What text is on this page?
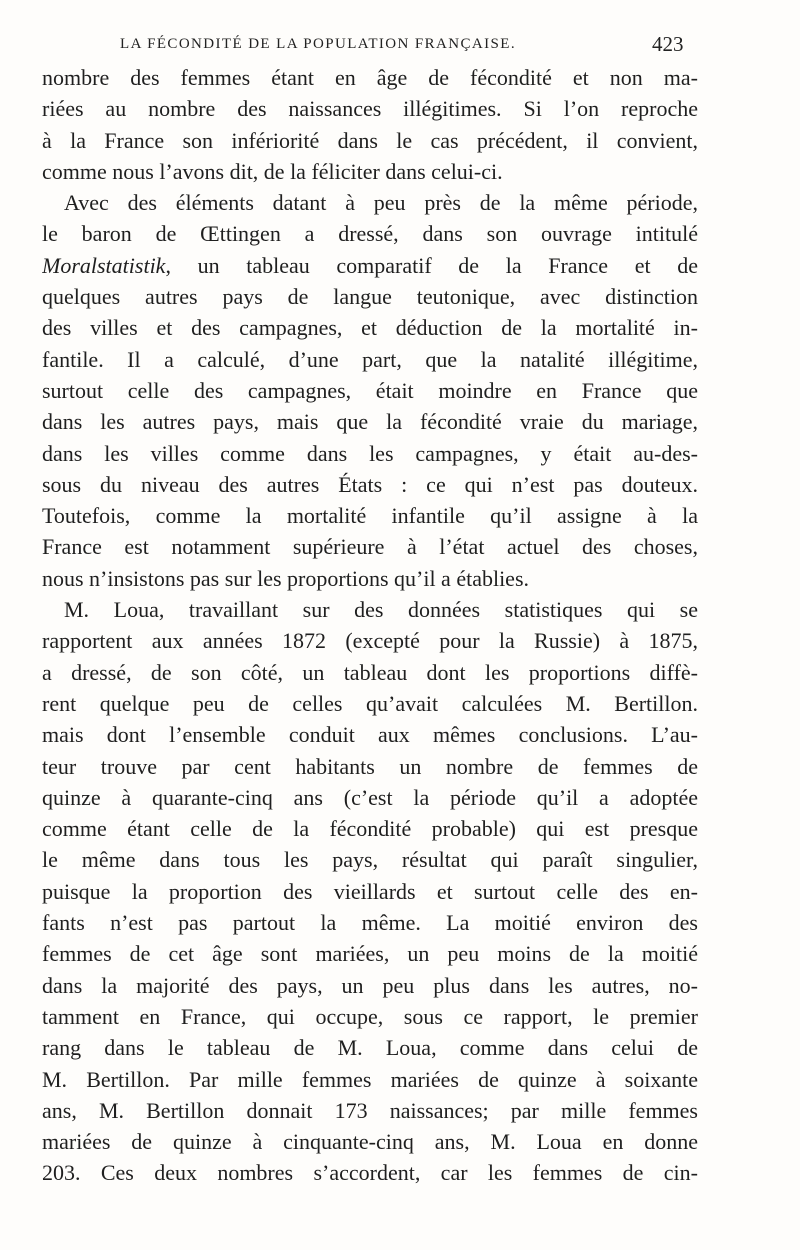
LA FÉCONDITÉ DE LA POPULATION FRANÇAISE.	423
nombre des femmes étant en âge de fécondité et non ma-
riées au nombre des naissances illégitimes. Si l’on reproche
à la France son infériorité dans le cas précédent, il convient,
comme nous l’avons dit, de la féliciter dans celui-ci.
Avec des éléments datant à peu près de la même période,
le baron de Œttingen a dressé, dans son ouvrage intitulé
Moralstatistik, un tableau comparatif de la France et de
quelques autres pays de langue teutonique, avec distinction
des villes et des campagnes, et déduction de la mortalité in-
fantile. Il a calculé, d’une part, que la natalité illégitime,
surtout celle des campagnes, était moindre en France que
dans les autres pays, mais que la fécondité vraie du mariage,
dans les villes comme dans les campagnes, y était au-des-
sous du niveau des autres États : ce qui n’est pas douteux.
Toutefois, comme la mortalité infantile qu’il assigne à la
France est notamment supérieure à l’état actuel des choses,
nous n’insistons pas sur les proportions qu’il a établies.
M. Loua, travaillant sur des données statistiques qui se
rapportent aux années 1872 (excepté pour la Russie) à 1875,
a dressé, de son côté, un tableau dont les proportions diffè-
rent quelque peu de celles qu’avait calculées M. Bertillon.
mais dont l’ensemble conduit aux mêmes conclusions. L’au-
teur trouve par cent habitants un nombre de femmes de
quinze à quarante-cinq ans (c’est la période qu’il a adoptée
comme étant celle de la fécondité probable) qui est presque
le même dans tous les pays, résultat qui paraît singulier,
puisque la proportion des vieillards et surtout celle des en-
fants n’est pas partout la même. La moitié environ des
femmes de cet âge sont mariées, un peu moins de la moitié
dans la majorité des pays, un peu plus dans les autres, no-
tamment en France, qui occupe, sous ce rapport, le premier
rang dans le tableau de M. Loua, comme dans celui de
M. Bertillon. Par mille femmes mariées de quinze à soixante
ans, M. Bertillon donnait 173 naissances; par mille femmes
mariées de quinze à cinquante-cinq ans, M. Loua en donne
203. Ces deux nombres s’accordent, car les femmes de cin-
